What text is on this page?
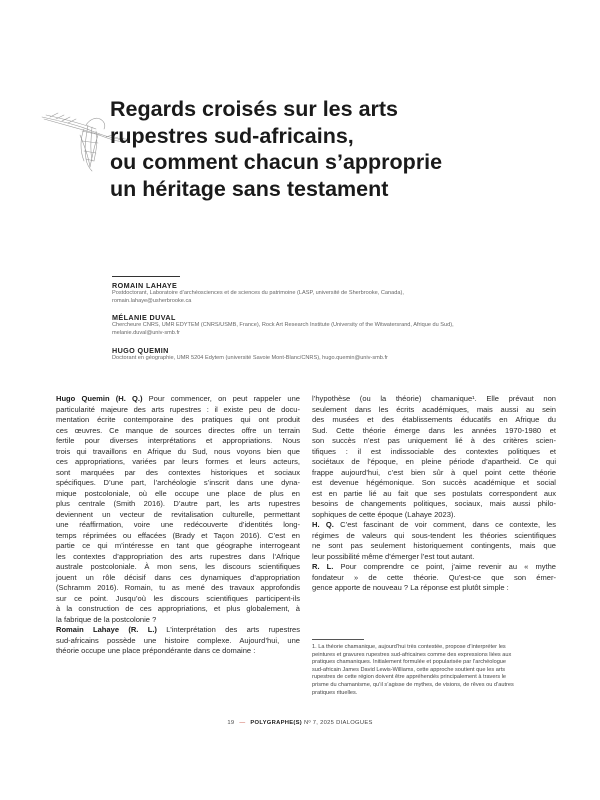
Regards croisés sur les arts
rupestres sud-africains,
ou comment chacun s’approprie
un héritage sans testament
ROMAIN LAHAYE
Postdoctorant, Laboratoire d’archéosciences et de sciences du patrimoine (LASP, université de Sherbrooke, Canada),
romain.lahaye@usherbrooke.ca
MÉLANIE DUVAL
Chercheure CNRS, UMR EDYTEM (CNRS/USMB, France), Rock Art Research Institute (University of the Witwatersrand, Afrique du Sud),
melanie.duval@univ-smb.fr
HUGO QUEMIN
Doctorant en géographie, UMR 5204 Edytem (université Savoie Mont-Blanc/CNRS), hugo.quemin@univ-smb.fr
Hugo Quemin (H. Q.) Pour commencer, on peut rappeler une
particularité majeure des arts rupestres : il existe peu de docu-
mentation écrite contemporaine des pratiques qui ont produit
ces œuvres. Ce manque de sources directes offre un terrain
fertile pour diverses interprétations et appropriations. Nous
trois qui travaillons en Afrique du Sud, nous voyons bien que
ces appropriations, variées par leurs formes et leurs acteurs,
sont marquées par des contextes historiques et sociaux
spécifiques. D’une part, l’archéologie s’inscrit dans une dyna-
mique postcoloniale, où elle occupe une place de plus en
plus centrale (Smith 2016). D’autre part, les arts rupestres
deviennent un vecteur de revitalisation culturelle, permettant
une réaffirmation, voire une redécouverte d’identités long-
temps réprimées ou effacées (Brady et Taçon 2016). C’est en
partie ce qui m’intéresse en tant que géographe interrogeant
les contextes d’appropriation des arts rupestres dans l’Afrique
australe postcoloniale. À mon sens, les discours scientifiques
jouent un rôle décisif dans ces dynamiques d’appropriation
(Schramm 2016). Romain, tu as mené des travaux approfondis
sur ce point. Jusqu’où les discours scientifiques participent-ils
à la construction de ces appropriations, et plus globalement, à
la fabrique de la postcolonie ?
Romain Lahaye (R. L.) L’interprétation des arts rupestres
sud-africains possède une histoire complexe. Aujourd’hui, une
théorie occupe une place prépondérante dans ce domaine :
l’hypothèse (ou la théorie) chamanique¹. Elle prévaut non
seulement dans les écrits académiques, mais aussi au sein
des musées et des établissements éducatifs en Afrique du
Sud. Cette théorie émerge dans les années 1970-1980 et
son succès n’est pas uniquement lié à des critères scien-
tifiques : il est indissociable des contextes politiques et
sociétaux de l’époque, en pleine période d’apartheid. Ce qui
frappe aujourd’hui, c’est bien sûr à quel point cette théorie
est devenue hégémonique. Son succès académique et social
est en partie lié au fait que ses postulats correspondent aux
besoins de changements politiques, sociaux, mais aussi philo-
sophiques de cette époque (Lahaye 2023).
H. Q. C’est fascinant de voir comment, dans ce contexte, les
régimes de valeurs qui sous-tendent les théories scientifiques
ne sont pas seulement historiquement contingents, mais que
leur possibilité même d’émerger l’est tout autant.
R. L. Pour comprendre ce point, j’aime revenir au « mythe
fondateur » de cette théorie. Qu’est-ce que son émer-
gence apporte de nouveau ? La réponse est plutôt simple :
1. La théorie chamanique, aujourd’hui très contestée, propose d’interpréter les
peintures et gravures rupestres sud-africaines comme des expressions liées aux
pratiques chamaniques. Initialement formulée et popularisée par l’archéologue
sud-africain James David Lewis-Williams, cette approche soutient que les arts
rupestres de cette région doivent être appréhendés principalement à travers le
prisme du chamanisme, qu’il s’agisse de mythes, de visions, de rêves ou d’autres
pratiques rituelles.
19 — POLYGRAPHE(S) Nº 7, 2025 DIALOGUES
